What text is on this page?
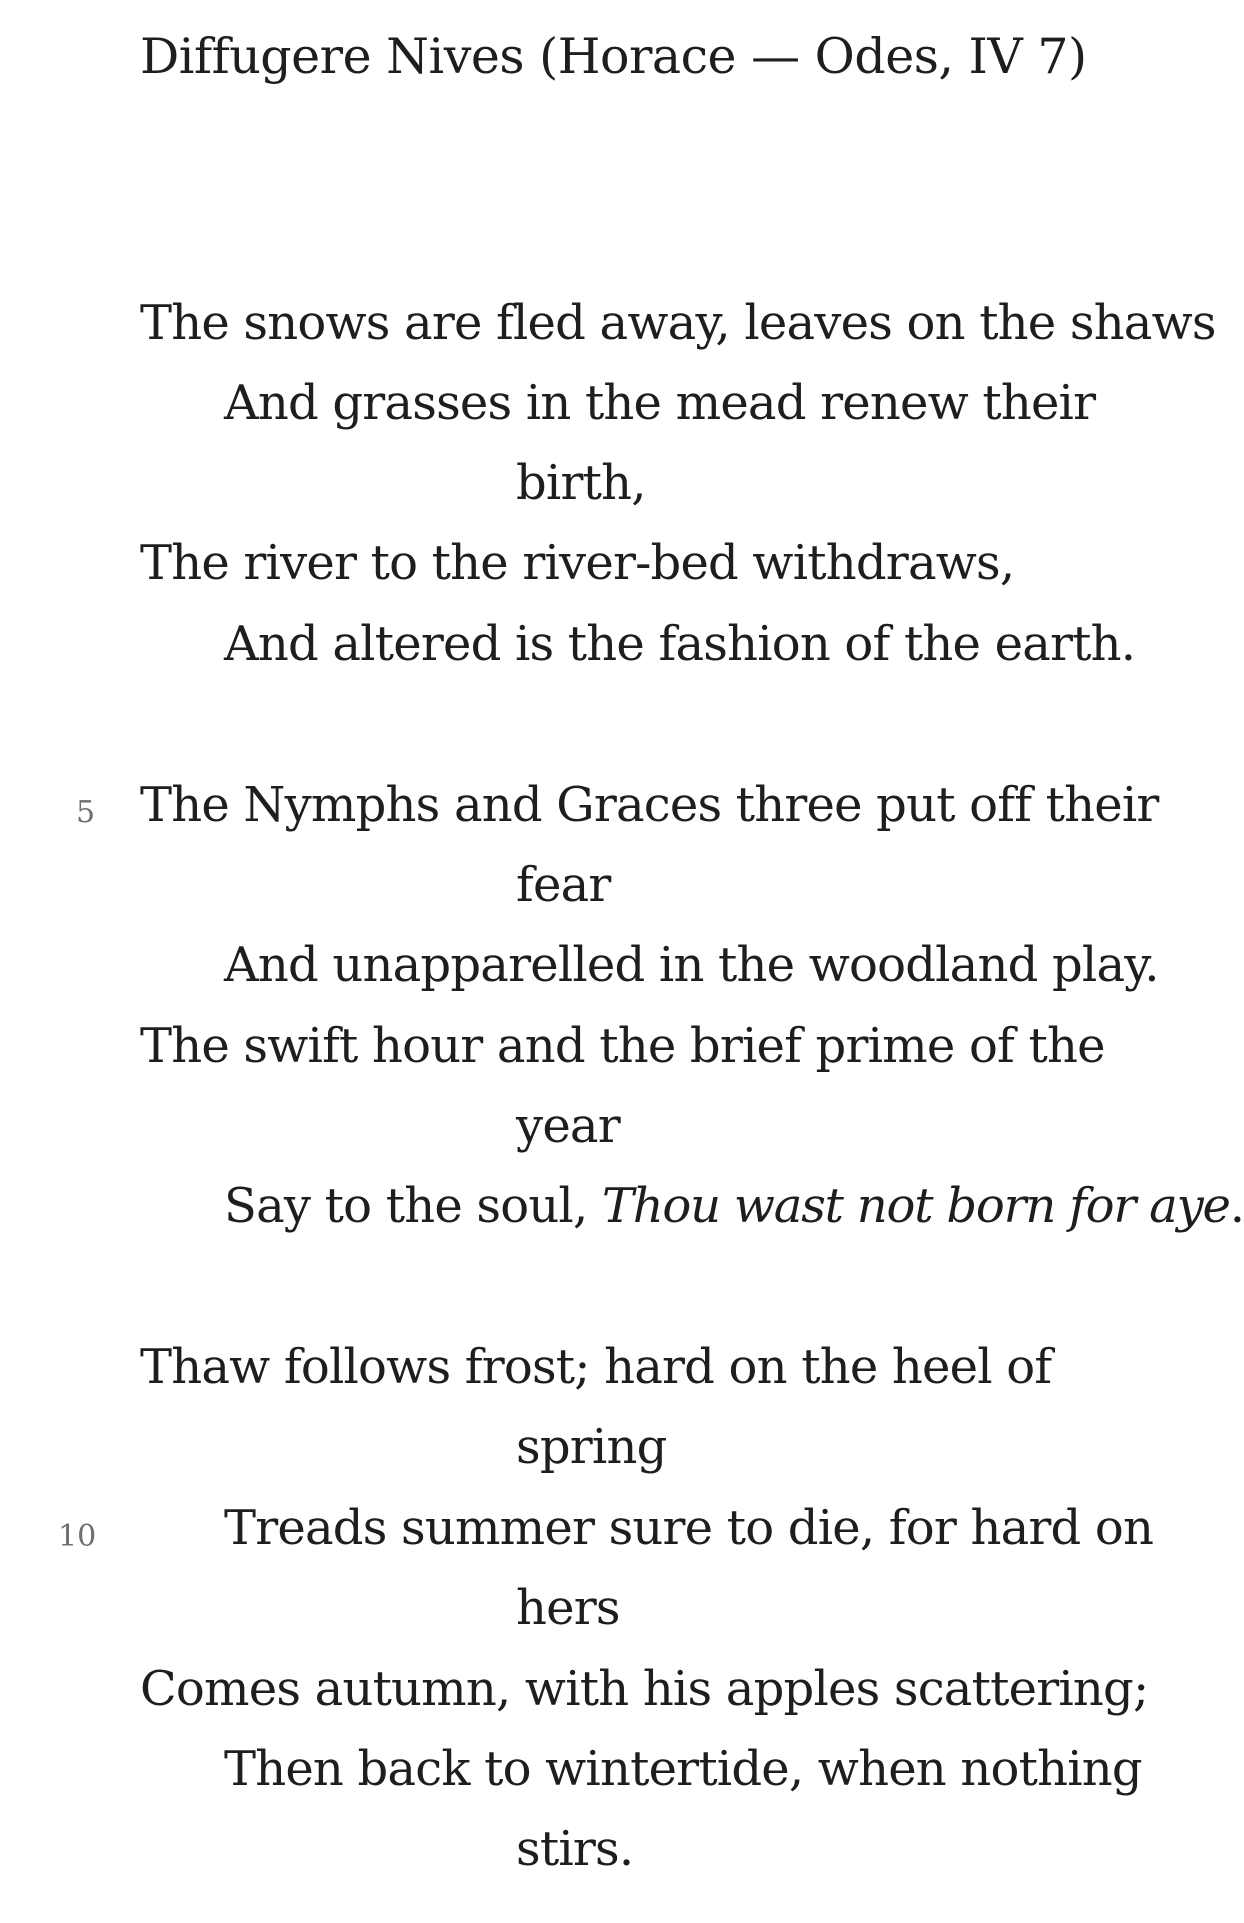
Diffugere Nives (Horace — Odes, IV 7)
The snows are fled away, leaves on the shaws
And grasses in the mead renew their
birth,
The river to the river-bed withdraws,
And altered is the fashion of the earth.
5 The Nymphs and Graces three put off their
fear
And unapparelled in the woodland play.
The swift hour and the brief prime of the
year
Say to the soul, Thou wast not born for aye.
Thaw follows frost; hard on the heel of
spring
10	Treads summer sure to die, for hard on
hers
Comes autumn, with his apples scattering;
Then back to wintertide, when nothing
stirs.
